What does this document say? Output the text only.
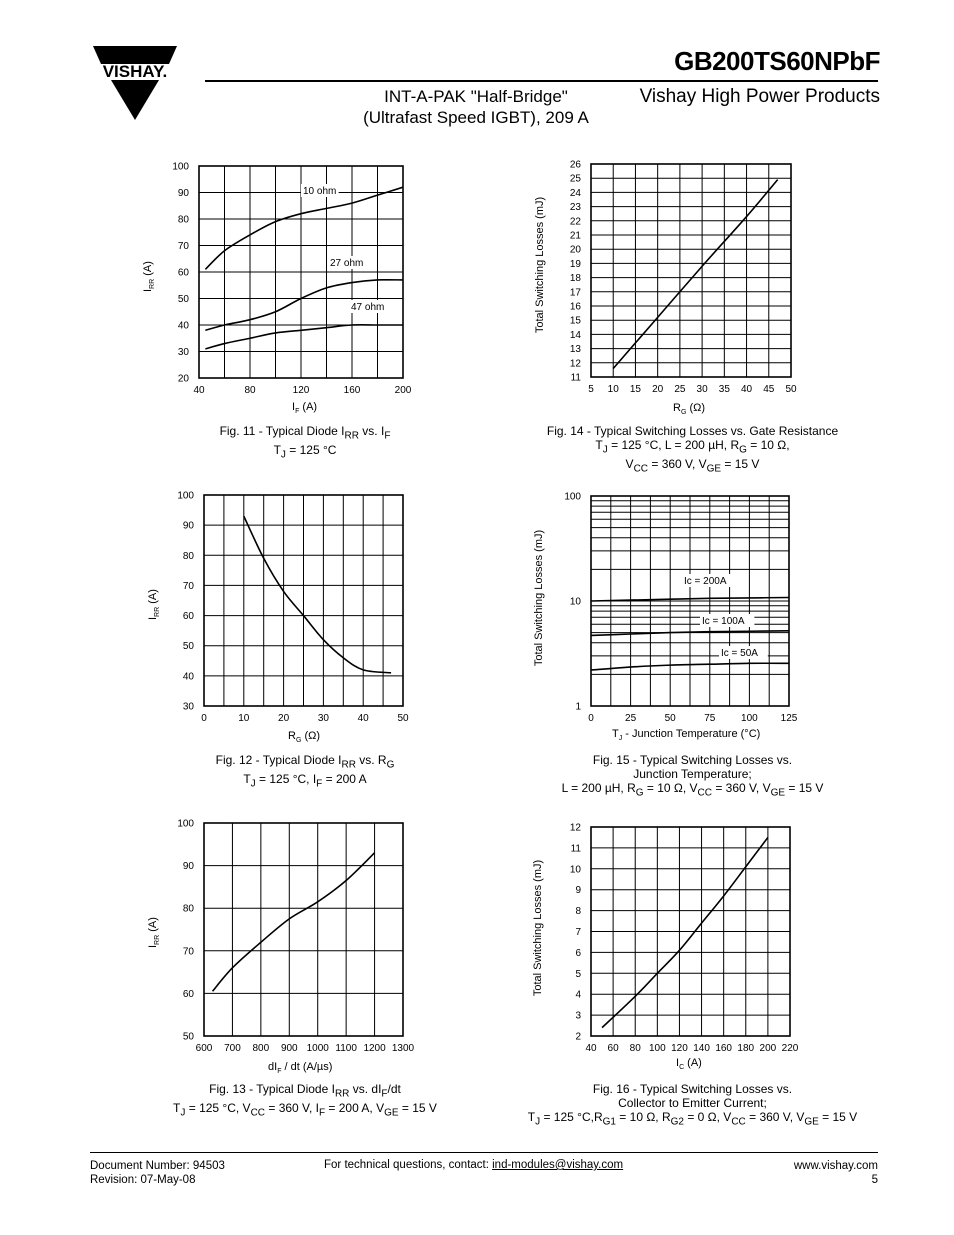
VISHAY.	GB200TS60NPbF
INT-A-PAK "Half-Bridge"
(Ultrafast Speed IGBT), 209 A
Vishay High Power Products
40	80	120	160	200
20
30
40
50
60
70
80
90
100
$I_F$ (A)
$I_{RR}$ (A)
10 ohm
27 ohm
47 ohm
5 10 15 20 25 30 35 40 45 50
11
12
13
14
15
16
17
18
19
20
21
22
23
24
25
26
$R_G$ (Ω)
Total Switching Losses (mJ)
0	10	20	30	40	50
30
40
50
60
70
80
90
100
$R_G$ (Ω)
$I_{RR}$ (A)
0	25	50	75	100 125
1
10
100
$T_J$ - Junction Temperature (°C)
Total Switching Losses (mJ)	Ic = 200A
Ic = 100A
Ic = 50A
600 700 800 900 1000 1100 1200 1300
50
60
70
80
90
100
$dI_F$ / dt (A/µs)
$I_{RR}$ (A)
40 60 80 100 120 140 160 180 200 220
2
3
4
5
6
7
8
9
10
11
12
$I_C$ (A)
Total Switching Losses (mJ)
Fig. 11 - Typical Diode $I_{RR}$ vs. $I_F$
$T_J = 125$ °C
Fig. 14 - Typical Switching Losses vs. Gate Resistance
$T_J = 125$ °C, L = 200 µH, $R_G = 10$ Ω,
$V_{CC} = 360$ V, $V_{GE} = 15$ V
Fig. 12 - Typical Diode $I_{RR}$ vs. $R_G$
$T_J = 125$ °C, $I_F = 200$ A
Fig. 15 - Typical Switching Losses vs.
Junction Temperature;
L = 200 µH, $R_G = 10$ Ω, $V_{CC} = 360$ V, $V_{GE} = 15$ V
Fig. 13 - Typical Diode $I_{RR}$ vs. $dI_F/dt$
$T_J = 125$ °C, $V_{CC} = 360$ V, $I_F = 200$ A, $V_{GE} = 15$ V
Fig. 16 - Typical Switching Losses vs.
Collector to Emitter Current;
$T_J = 125$ $^\circ C,R_{G1} = 10$ Ω, $R_{G2} = 0$ Ω, $V_{CC} = 360$ V, $V_{GE} = 15$ V
Document Number: 94503
Revision: 07-May-08
For technical questions, contact: ind-modules@vishay.com	www.vishay.com
5
